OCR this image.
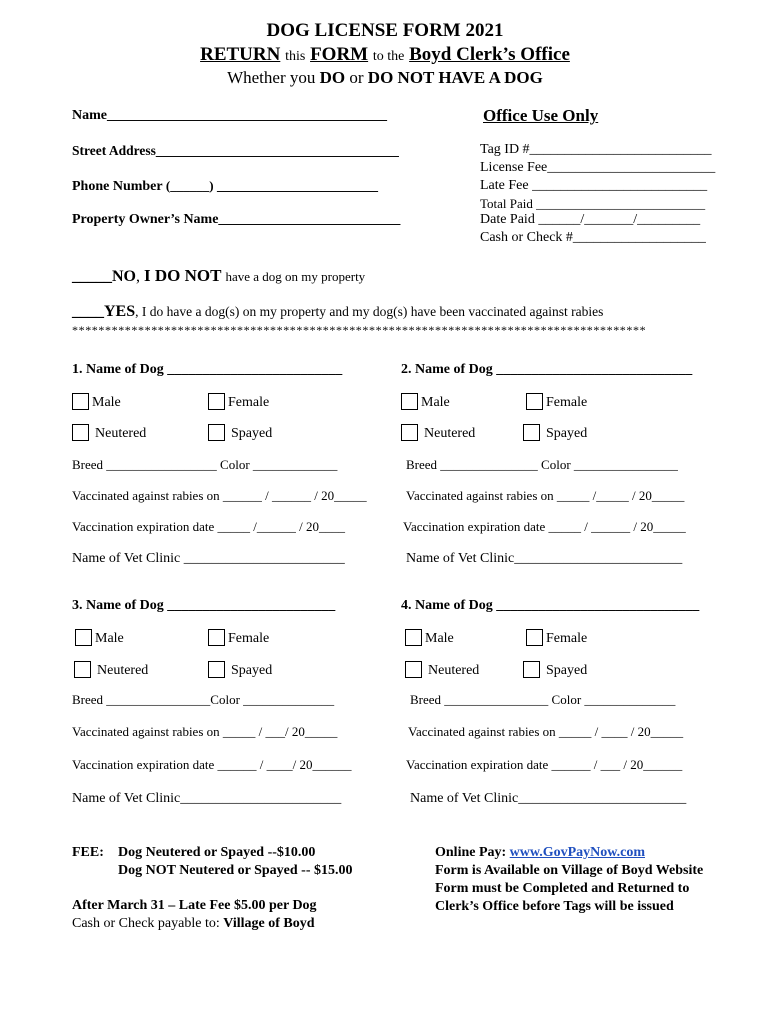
DOG LICENSE FORM 2021
RETURN this FORM to the Boyd Clerk’s Office
Whether you DO or DO NOT HAVE A DOG
Name________________________________________
Street Address____________________________________
Phone Number (______) _______________________
Property Owner’s Name__________________________
Office Use Only
Tag ID #__________________________
License Fee________________________
Late Fee _________________________
Total Paid __________________________
Date Paid ______/_______/_________
Cash or Check #___________________
_____NO, I DO NOT have a dog on my property
____YES, I do have a dog(s) on my property and my dog(s) have been vaccinated against rabies
***************************************************************************************
1. Name of Dog _________________________
Male	Female
Neutered	Spayed
Breed _________________ Color _____________
Vaccinated against rabies on ______ / ______ / 20_____
Vaccination expiration date _____ /______ / 20____
Name of Vet Clinic _______________________
2. Name of Dog ____________________________
Male	Female
Neutered	Spayed
Breed _______________ Color ________________
Vaccinated against rabies on _____ /_____ / 20_____
Vaccination expiration date _____ / ______ / 20_____
Name of Vet Clinic________________________
3. Name of Dog ________________________
Male	Female
Neutered	Spayed
Breed ________________Color ______________
Vaccinated against rabies on _____ / ___/ 20_____
Vaccination expiration date ______ / ____/ 20______
Name of Vet Clinic_______________________
4. Name of Dog _____________________________
Male	Female
Neutered	Spayed
Breed ________________ Color ______________
Vaccinated against rabies on _____ / ____ / 20_____
Vaccination expiration date ______ / ___ / 20______
Name of Vet Clinic________________________
FEE: Dog Neutered or Spayed --$10.00
Dog NOT Neutered or Spayed -- $15.00
After March 31 – Late Fee $5.00 per Dog
Cash or Check payable to: Village of Boyd
Online Pay: www.GovPayNow.com
Form is Available on Village of Boyd Website
Form must be Completed and Returned to
Clerk’s Office before Tags will be issued
